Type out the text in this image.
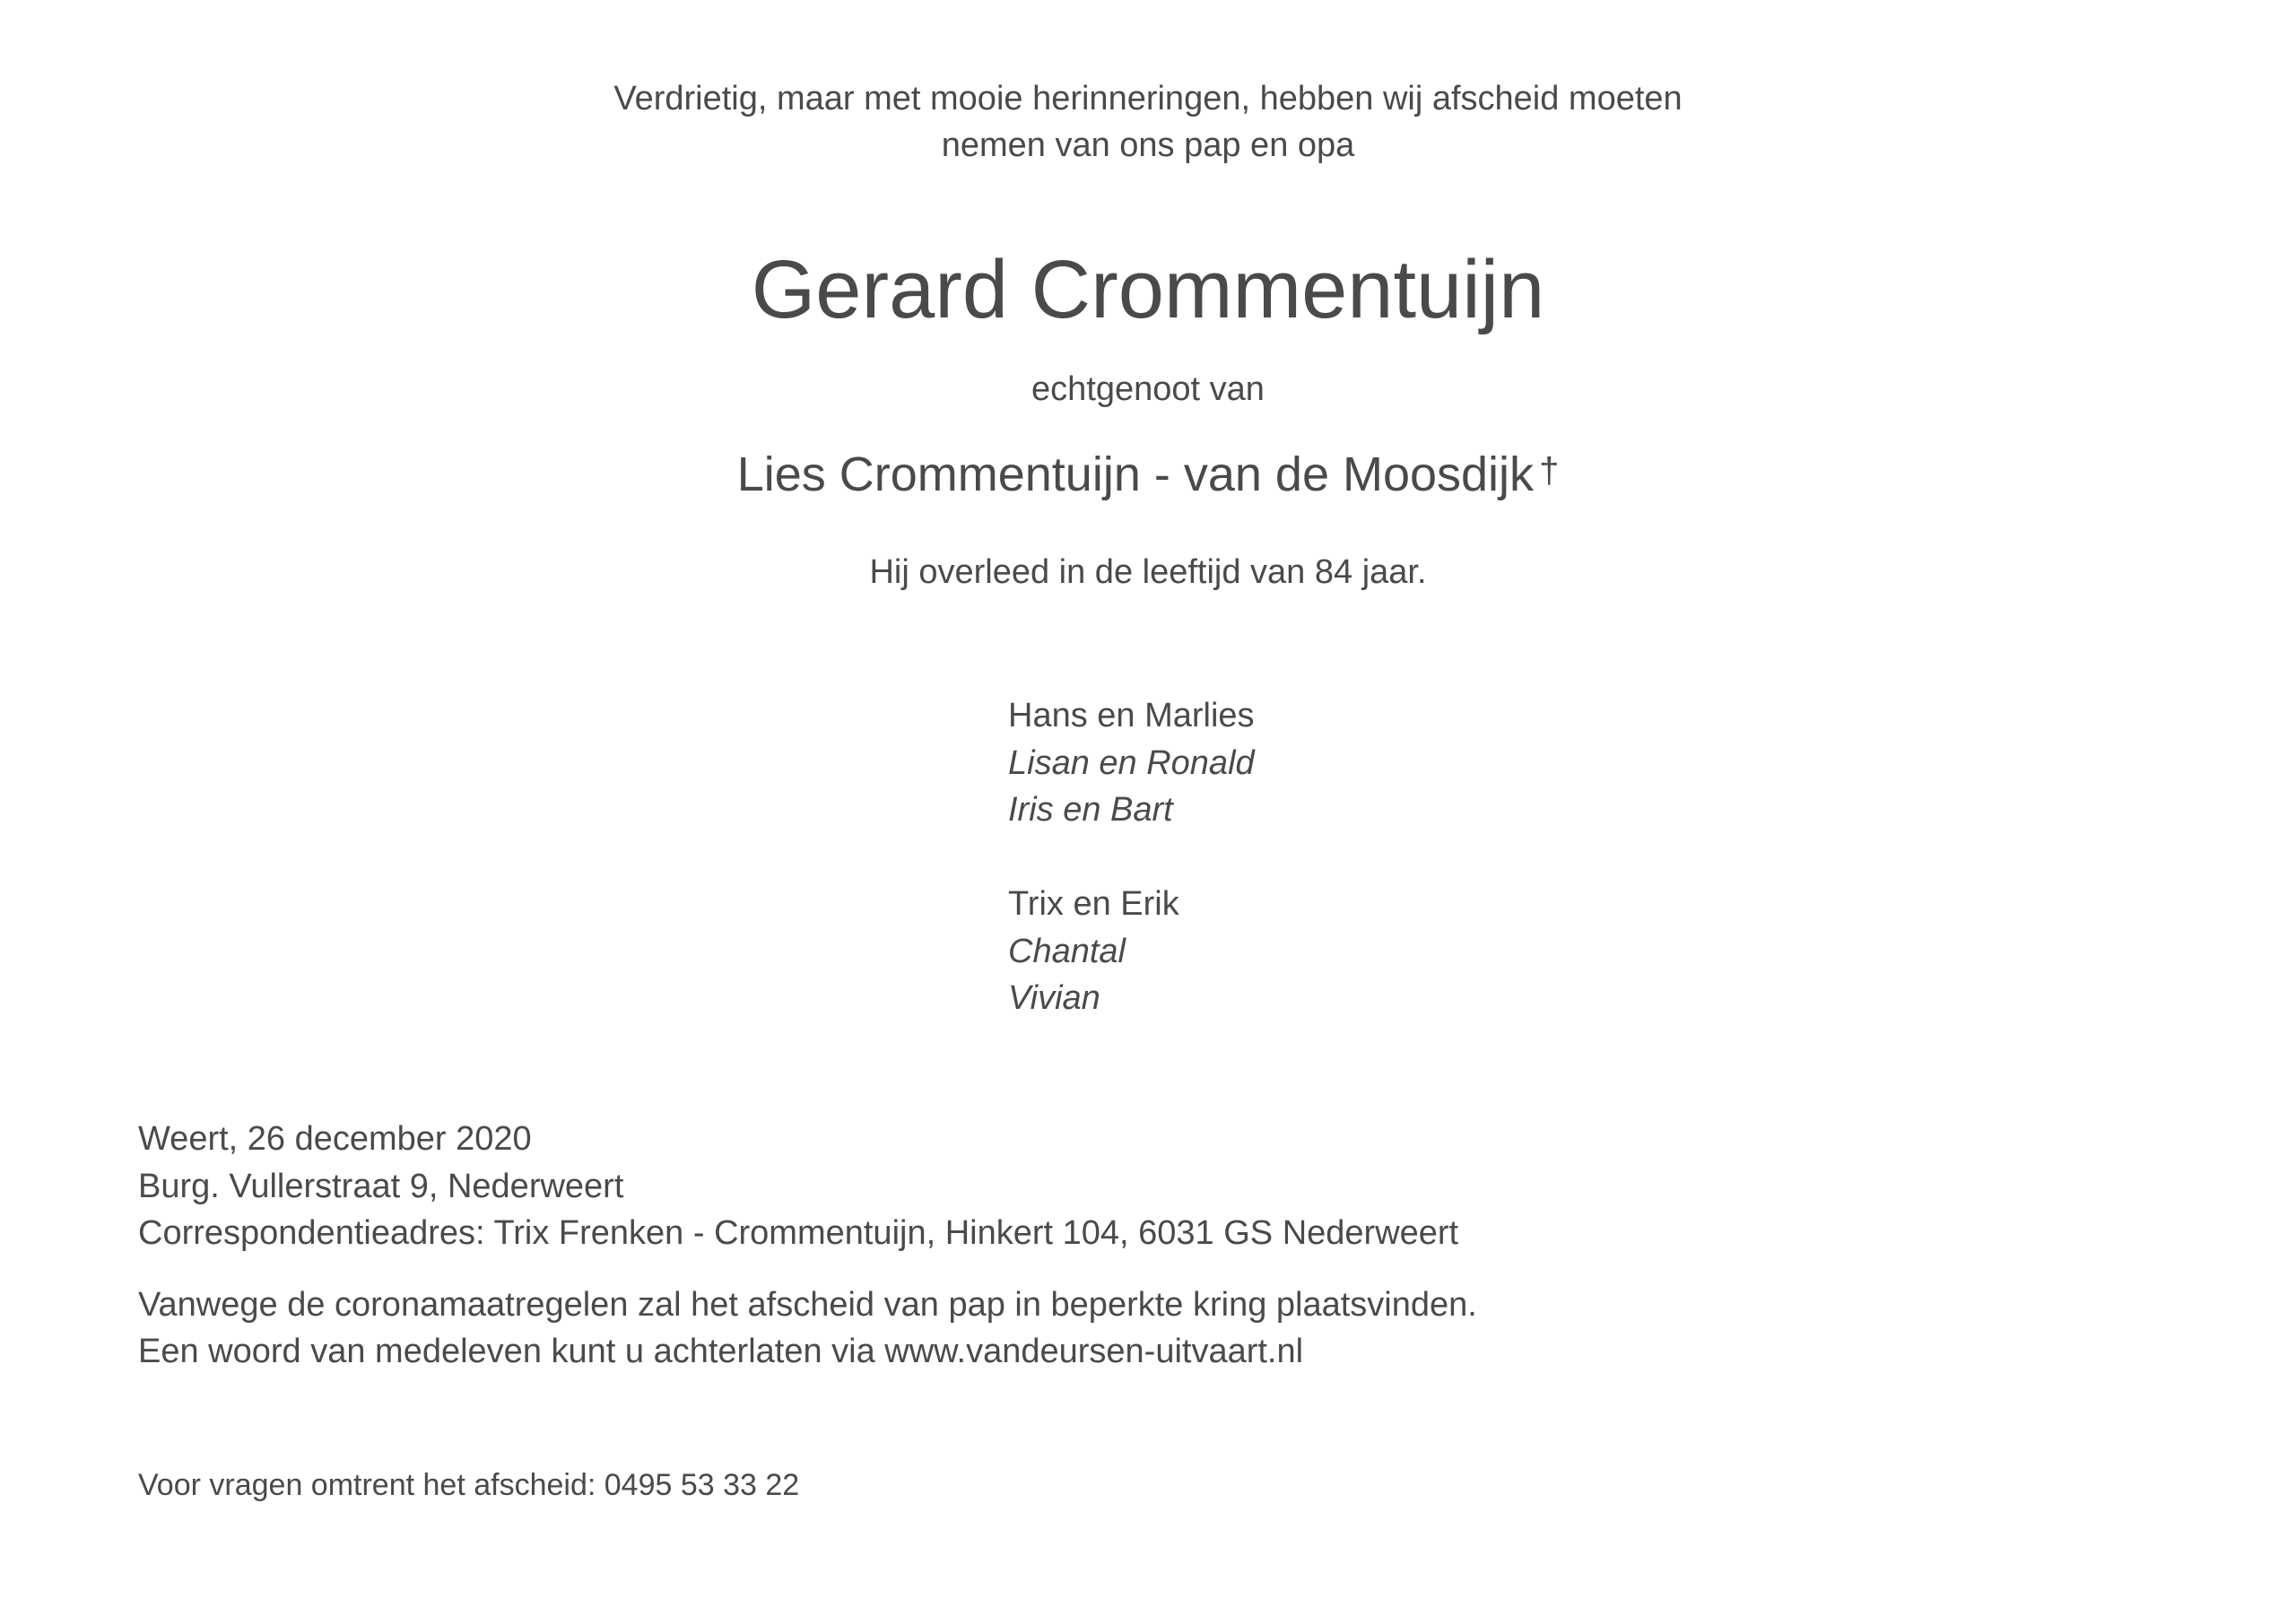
Verdrietig, maar met mooie herinneringen, hebben wij afscheid moeten
nemen van ons pap en opa
Gerard Crommentuijn
echtgenoot van
Lies Crommentuijn - van de Moosdijk †
Hij overleed in de leeftijd van 84 jaar.
Hans en Marlies
Lisan en Ronald
Iris en Bart
Trix en Erik
Chantal
Vivian
Weert, 26 december 2020
Burg. Vullerstraat 9, Nederweert
Correspondentieadres: Trix Frenken - Crommentuijn, Hinkert 104, 6031 GS Nederweert
Vanwege de coronamaatregelen zal het afscheid van pap in beperkte kring plaatsvinden.
Een woord van medeleven kunt u achterlaten via www.vandeursen-uitvaart.nl
Voor vragen omtrent het afscheid: 0495 53 33 22
